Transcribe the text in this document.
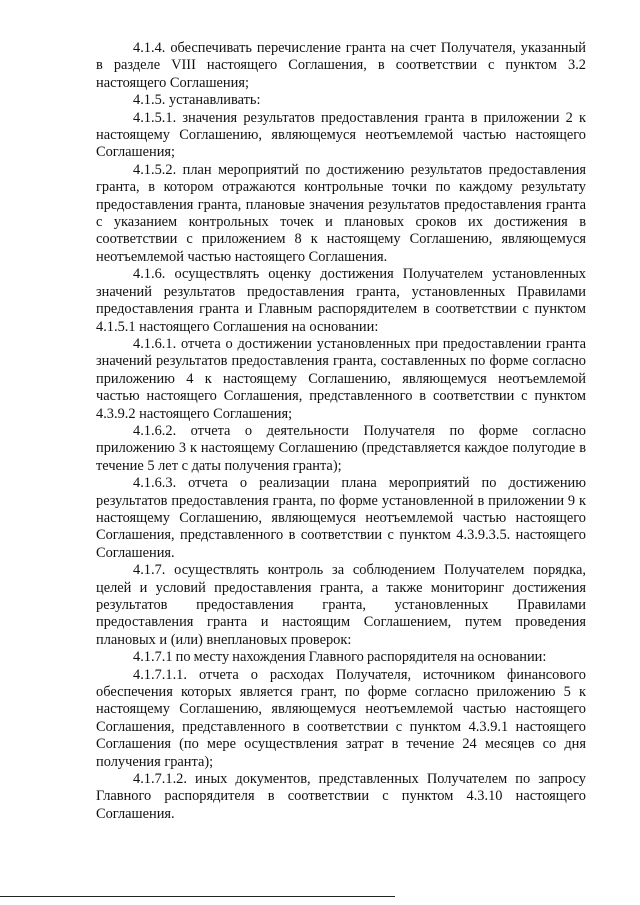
4.1.4. обеспечивать перечисление гранта на счет Получателя, указанный в разделе VIII настоящего Соглашения, в соответствии с пунктом 3.2 настоящего Соглашения;

4.1.5. устанавливать:

4.1.5.1. значения результатов предоставления гранта в приложении 2 к настоящему Соглашению, являющемуся неотъемлемой частью настоящего Соглашения;

4.1.5.2. план мероприятий по достижению результатов предоставления гранта, в котором отражаются контрольные точки по каждому результату предоставления гранта, плановые значения результатов предоставления гранта с указанием контрольных точек и плановых сроков их достижения в соответствии с приложением 8 к настоящему Соглашению, являющемуся неотъемлемой частью настоящего Соглашения.

4.1.6. осуществлять оценку достижения Получателем установленных значений результатов предоставления гранта, установленных Правилами предоставления гранта и Главным распорядителем в соответствии с пунктом 4.1.5.1 настоящего Соглашения на основании:

4.1.6.1. отчета о достижении установленных при предоставлении гранта значений результатов предоставления гранта, составленных по форме согласно приложению 4 к настоящему Соглашению, являющемуся неотъемлемой частью настоящего Соглашения, представленного в соответствии с пунктом 4.3.9.2 настоящего Соглашения;

4.1.6.2. отчета о деятельности Получателя по форме согласно приложению 3 к настоящему Соглашению (представляется каждое полугодие в течение 5 лет с даты получения гранта);

4.1.6.3. отчета о реализации плана мероприятий по достижению результатов предоставления гранта, по форме установленной в приложении 9 к настоящему Соглашению, являющемуся неотъемлемой частью настоящего Соглашения, представленного в соответствии с пунктом 4.3.9.3.5. настоящего Соглашения.

4.1.7. осуществлять контроль за соблюдением Получателем порядка, целей и условий предоставления гранта, а также мониторинг достижения результатов предоставления гранта, установленных Правилами предоставления гранта и настоящим Соглашением, путем проведения плановых и (или) внеплановых проверок:

4.1.7.1 по месту нахождения Главного распорядителя на основании:

4.1.7.1.1. отчета о расходах Получателя, источником финансового обеспечения которых является грант, по форме согласно приложению 5 к настоящему Соглашению, являющемуся неотъемлемой частью настоящего Соглашения, представленного в соответствии с пунктом 4.3.9.1 настоящего Соглашения (по мере осуществления затрат в течение 24 месяцев со дня получения гранта);

4.1.7.1.2. иных документов, представленных Получателем по запросу Главного распорядителя в соответствии с пунктом 4.3.10 настоящего Соглашения.
